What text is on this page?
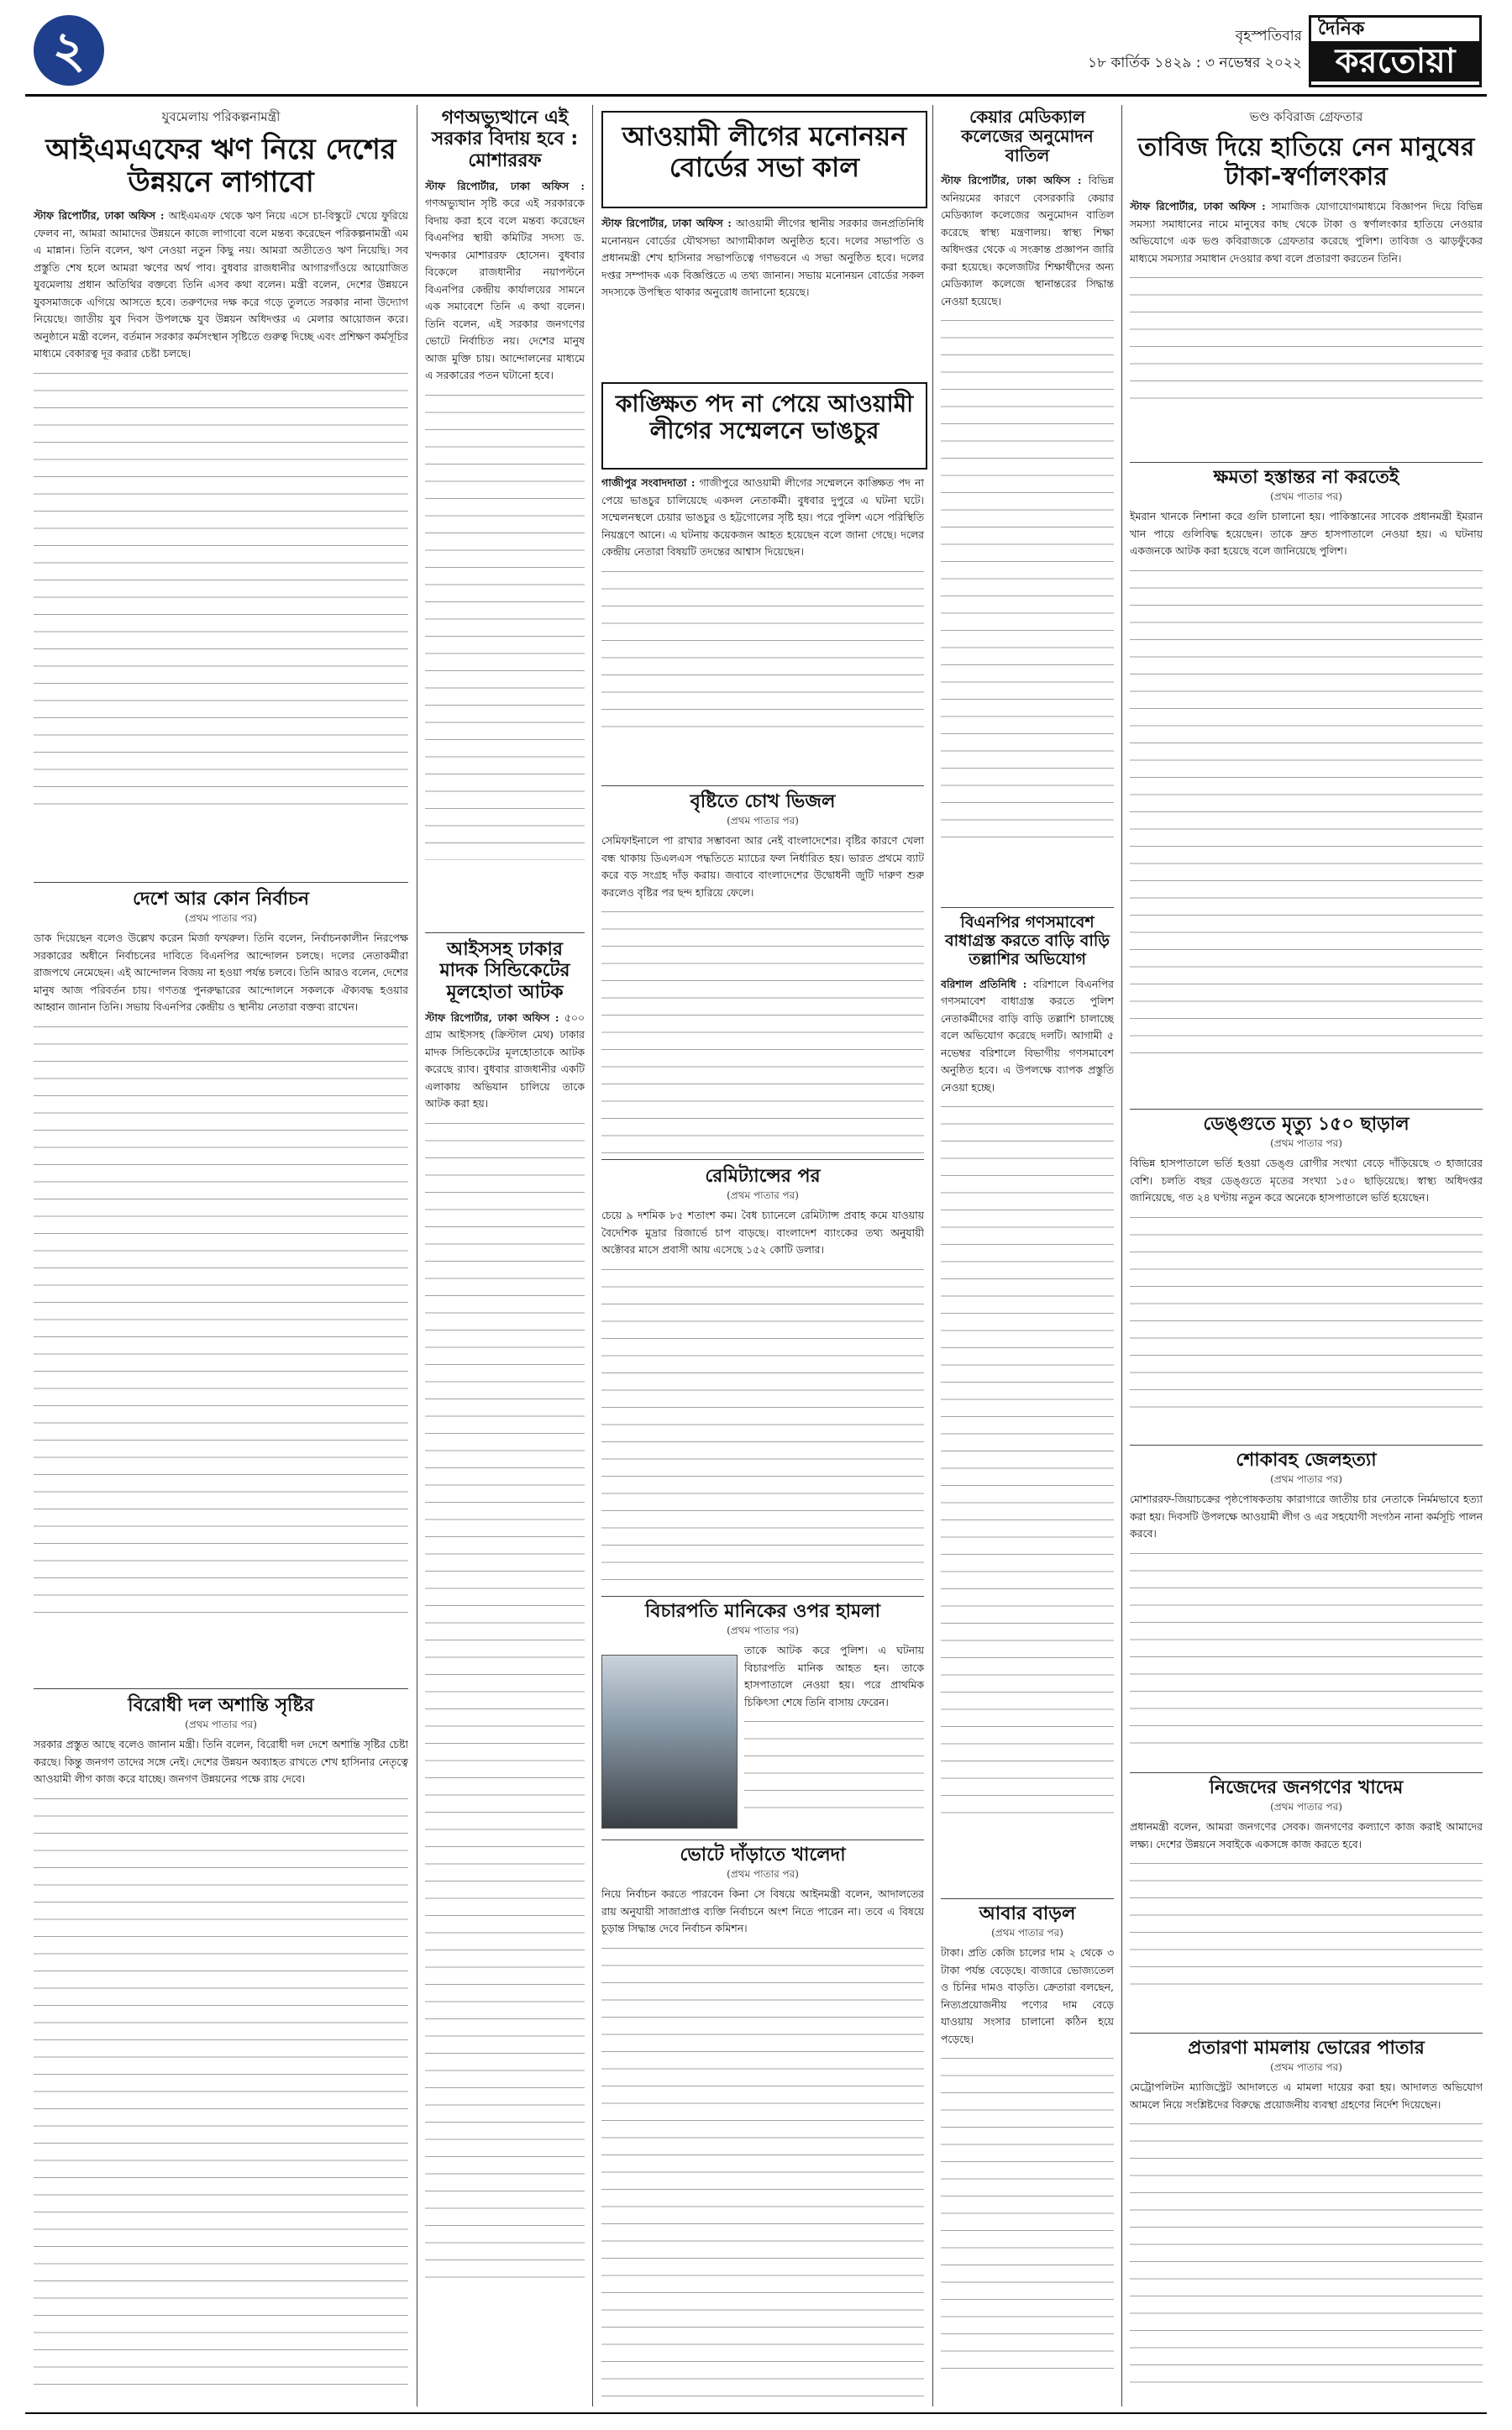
২	বৃহস্পতিবার
১৮ কার্তিক ১৪২৯ : ৩ নভেম্বর ২০২২
দৈনিক
করতোয়া
যুবমেলায় পরিকল্পনামন্ত্রী
আইএমএফের ঋণ নিয়ে দেশের উন্নয়নে লাগাবো
স্টাফ রিপোর্টার, ঢাকা অফিস : আইএমএফ থেকে ঋণ নিয়ে এসে চা-বিস্কুটে খেয়ে ফুরিয়ে ফেলব না, আমরা আমাদের উন্নয়নে কাজে লাগাবো বলে মন্তব্য করেছেন পরিকল্পনামন্ত্রী এম এ মান্নান। তিনি বলেন, ঋণ নেওয়া নতুন কিছু নয়। আমরা অতীতেও ঋণ নিয়েছি। সব প্রস্তুতি শেষ হলে আমরা ঋণের অর্থ পাব। বুধবার রাজধানীর আগারগাঁওয়ে আয়োজিত যুবমেলায় প্রধান অতিথির বক্তব্যে তিনি এসব কথা বলেন। মন্ত্রী বলেন, দেশের উন্নয়নে যুবসমাজকে এগিয়ে আসতে হবে। তরুণদের দক্ষ করে গড়ে তুলতে সরকার নানা উদ্যোগ নিয়েছে। জাতীয় যুব দিবস উপলক্ষে যুব উন্নয়ন অধিদপ্তর এ মেলার আয়োজন করে। অনুষ্ঠানে মন্ত্রী বলেন, বর্তমান সরকার কর্মসংস্থান সৃষ্টিতে গুরুত্ব দিচ্ছে এবং প্রশিক্ষণ কর্মসূচির মাধ্যমে বেকারত্ব দূর করার চেষ্টা চলছে।
দেশে আর কোন নির্বাচন
(প্রথম পাতার পর)
ডাক দিয়েছেন বলেও উল্লেখ করেন মির্জা ফখরুল। তিনি বলেন, নির্বাচনকালীন নিরপেক্ষ সরকারের অধীনে নির্বাচনের দাবিতে বিএনপির আন্দোলন চলছে। দলের নেতাকর্মীরা রাজপথে নেমেছেন। এই আন্দোলন বিজয় না হওয়া পর্যন্ত চলবে। তিনি আরও বলেন, দেশের মানুষ আজ পরিবর্তন চায়। গণতন্ত্র পুনরুদ্ধারের আন্দোলনে সকলকে ঐক্যবদ্ধ হওয়ার আহ্বান জানান তিনি। সভায় বিএনপির কেন্দ্রীয় ও স্থানীয় নেতারা বক্তব্য রাখেন।
বিরোধী দল অশান্তি সৃষ্টির
(প্রথম পাতার পর)
সরকার প্রস্তুত আছে বলেও জানান মন্ত্রী। তিনি বলেন, বিরোধী দল দেশে অশান্তি সৃষ্টির চেষ্টা করছে। কিন্তু জনগণ তাদের সঙ্গে নেই। দেশের উন্নয়ন অব্যাহত রাখতে শেখ হাসিনার নেতৃত্বে আওয়ামী লীগ কাজ করে যাচ্ছে। জনগণ উন্নয়নের পক্ষে রায় দেবে।
গণঅভ্যুত্থানে এই সরকার বিদায় হবে : মোশাররফ
স্টাফ রিপোর্টার, ঢাকা অফিস : গণঅভ্যুত্থান সৃষ্টি করে এই সরকারকে বিদায় করা হবে বলে মন্তব্য করেছেন বিএনপির স্থায়ী কমিটির সদস্য ড. খন্দকার মোশাররফ হোসেন। বুধবার বিকেলে রাজধানীর নয়াপল্টনে বিএনপির কেন্দ্রীয় কার্যালয়ের সামনে এক সমাবেশে তিনি এ কথা বলেন। তিনি বলেন, এই সরকার জনগণের ভোটে নির্বাচিত নয়। দেশের মানুষ আজ মুক্তি চায়। আন্দোলনের মাধ্যমে এ সরকারের পতন ঘটানো হবে।
আইসসহ ঢাকার মাদক সিন্ডিকেটের মূলহোতা আটক
স্টাফ রিপোর্টার, ঢাকা অফিস : ৫০০ গ্রাম আইসসহ (ক্রিস্টাল মেথ) ঢাকার মাদক সিন্ডিকেটের মূলহোতাকে আটক করেছে র‌্যাব। বুধবার রাজধানীর একটি এলাকায় অভিযান চালিয়ে তাকে আটক করা হয়।
আওয়ামী লীগের মনোনয়ন বোর্ডের সভা কাল
স্টাফ রিপোর্টার, ঢাকা অফিস : আওয়ামী লীগের স্থানীয় সরকার জনপ্রতিনিধি মনোনয়ন বোর্ডের যৌথসভা আগামীকাল অনুষ্ঠিত হবে। দলের সভাপতি ও প্রধানমন্ত্রী শেখ হাসিনার সভাপতিত্বে গণভবনে এ সভা অনুষ্ঠিত হবে। দলের দপ্তর সম্পাদক এক বিজ্ঞপ্তিতে এ তথ্য জানান। সভায় মনোনয়ন বোর্ডের সকল সদস্যকে উপস্থিত থাকার অনুরোধ জানানো হয়েছে।
কাঙ্ক্ষিত পদ না পেয়ে আওয়ামী লীগের সম্মেলনে ভাঙচুর
গাজীপুর সংবাদদাতা : গাজীপুরে আওয়ামী লীগের সম্মেলনে কাঙ্ক্ষিত পদ না পেয়ে ভাঙচুর চালিয়েছে একদল নেতাকর্মী। বুধবার দুপুরে এ ঘটনা ঘটে। সম্মেলনস্থলে চেয়ার ভাঙচুর ও হট্টগোলের সৃষ্টি হয়। পরে পুলিশ এসে পরিস্থিতি নিয়ন্ত্রণে আনে। এ ঘটনায় কয়েকজন আহত হয়েছেন বলে জানা গেছে। দলের কেন্দ্রীয় নেতারা বিষয়টি তদন্তের আশ্বাস দিয়েছেন।
বৃষ্টিতে চোখ ভিজল
(প্রথম পাতার পর)
সেমিফাইনালে পা রাখার সম্ভাবনা আর নেই বাংলাদেশের। বৃষ্টির কারণে খেলা বন্ধ থাকায় ডিএলএস পদ্ধতিতে ম্যাচের ফল নির্ধারিত হয়। ভারত প্রথমে ব্যাট করে বড় সংগ্রহ দাঁড় করায়। জবাবে বাংলাদেশের উদ্বোধনী জুটি দারুণ শুরু করলেও বৃষ্টির পর ছন্দ হারিয়ে ফেলে।
রেমিট্যান্সের পর
(প্রথম পাতার পর)
চেয়ে ৯ দশমিক ৮৫ শতাংশ কম। বৈধ চ্যানেলে রেমিট্যান্স প্রবাহ কমে যাওয়ায় বৈদেশিক মুদ্রার রিজার্ভে চাপ বাড়ছে। বাংলাদেশ ব্যাংকের তথ্য অনুযায়ী অক্টোবর মাসে প্রবাসী আয় এসেছে ১৫২ কোটি ডলার।
বিচারপতি মানিকের ওপর হামলা
(প্রথম পাতার পর)
তাকে আটক করে পুলিশ। এ ঘটনায় বিচারপতি মানিক আহত হন। তাকে হাসপাতালে নেওয়া হয়। পরে প্রাথমিক চিকিৎসা শেষে তিনি বাসায় ফেরেন।
ভোটে দাঁড়াতে খালেদা
(প্রথম পাতার পর)
নিয়ে নির্বাচন করতে পারবেন কিনা সে বিষয়ে আইনমন্ত্রী বলেন, আদালতের রায় অনুযায়ী সাজাপ্রাপ্ত ব্যক্তি নির্বাচনে অংশ নিতে পারেন না। তবে এ বিষয়ে চূড়ান্ত সিদ্ধান্ত দেবে নির্বাচন কমিশন।
কেয়ার মেডিক্যাল কলেজের অনুমোদন বাতিল
স্টাফ রিপোর্টার, ঢাকা অফিস : বিভিন্ন অনিয়মের কারণে বেসরকারি কেয়ার মেডিক্যাল কলেজের অনুমোদন বাতিল করেছে স্বাস্থ্য মন্ত্রণালয়। স্বাস্থ্য শিক্ষা অধিদপ্তর থেকে এ সংক্রান্ত প্রজ্ঞাপন জারি করা হয়েছে। কলেজটির শিক্ষার্থীদের অন্য মেডিক্যাল কলেজে স্থানান্তরের সিদ্ধান্ত নেওয়া হয়েছে।
বিএনপির গণসমাবেশ বাধাগ্রস্ত করতে বাড়ি বাড়ি তল্লাশির অভিযোগ
বরিশাল প্রতিনিধি : বরিশালে বিএনপির গণসমাবেশ বাধাগ্রস্ত করতে পুলিশ নেতাকর্মীদের বাড়ি বাড়ি তল্লাশি চালাচ্ছে বলে অভিযোগ করেছে দলটি। আগামী ৫ নভেম্বর বরিশালে বিভাগীয় গণসমাবেশ অনুষ্ঠিত হবে। এ উপলক্ষে ব্যাপক প্রস্তুতি নেওয়া হচ্ছে।
আবার বাড়ল
(প্রথম পাতার পর)
টাকা। প্রতি কেজি চালের দাম ২ থেকে ৩ টাকা পর্যন্ত বেড়েছে। বাজারে ভোজ্যতেল ও চিনির দামও বাড়তি। ক্রেতারা বলছেন, নিত্যপ্রয়োজনীয় পণ্যের দাম বেড়ে যাওয়ায় সংসার চালানো কঠিন হয়ে পড়েছে।
ভণ্ড কবিরাজ গ্রেফতার
তাবিজ দিয়ে হাতিয়ে নেন মানুষের টাকা-স্বর্ণালংকার
স্টাফ রিপোর্টার, ঢাকা অফিস : সামাজিক যোগাযোগমাধ্যমে বিজ্ঞাপন দিয়ে বিভিন্ন সমস্যা সমাধানের নামে মানুষের কাছ থেকে টাকা ও স্বর্ণালংকার হাতিয়ে নেওয়ার অভিযোগে এক ভণ্ড কবিরাজকে গ্রেফতার করেছে পুলিশ। তাবিজ ও ঝাড়ফুঁকের মাধ্যমে সমস্যার সমাধান দেওয়ার কথা বলে প্রতারণা করতেন তিনি।
ক্ষমতা হস্তান্তর না করতেই
(প্রথম পাতার পর)
ইমরান খানকে নিশানা করে গুলি চালানো হয়। পাকিস্তানের সাবেক প্রধানমন্ত্রী ইমরান খান পায়ে গুলিবিদ্ধ হয়েছেন। তাকে দ্রুত হাসপাতালে নেওয়া হয়। এ ঘটনায় একজনকে আটক করা হয়েছে বলে জানিয়েছে পুলিশ।
ডেঙ্গুতে মৃত্যু ১৫০ ছাড়াল
(প্রথম পাতার পর)
বিভিন্ন হাসপাতালে ভর্তি হওয়া ডেঙ্গু রোগীর সংখ্যা বেড়ে দাঁড়িয়েছে ৩ হাজারের বেশি। চলতি বছর ডেঙ্গুতে মৃতের সংখ্যা ১৫০ ছাড়িয়েছে। স্বাস্থ্য অধিদপ্তর জানিয়েছে, গত ২৪ ঘণ্টায় নতুন করে অনেকে হাসপাতালে ভর্তি হয়েছেন।
শোকাবহ জেলহত্যা
(প্রথম পাতার পর)
মোশাররফ-জিয়াচক্রের পৃষ্ঠপোষকতায় কারাগারে জাতীয় চার নেতাকে নির্মমভাবে হত্যা করা হয়। দিবসটি উপলক্ষে আওয়ামী লীগ ও এর সহযোগী সংগঠন নানা কর্মসূচি পালন করবে।
নিজেদের জনগণের খাদেম
(প্রথম পাতার পর)
প্রধানমন্ত্রী বলেন, আমরা জনগণের সেবক। জনগণের কল্যাণে কাজ করাই আমাদের লক্ষ্য। দেশের উন্নয়নে সবাইকে একসঙ্গে কাজ করতে হবে।
প্রতারণা মামলায় ভোরের পাতার
(প্রথম পাতার পর)
মেট্রোপলিটন ম্যাজিস্ট্রেট আদালতে এ মামলা দায়ের করা হয়। আদালত অভিযোগ আমলে নিয়ে সংশ্লিষ্টদের বিরুদ্ধে প্রয়োজনীয় ব্যবস্থা গ্রহণের নির্দেশ দিয়েছেন।
